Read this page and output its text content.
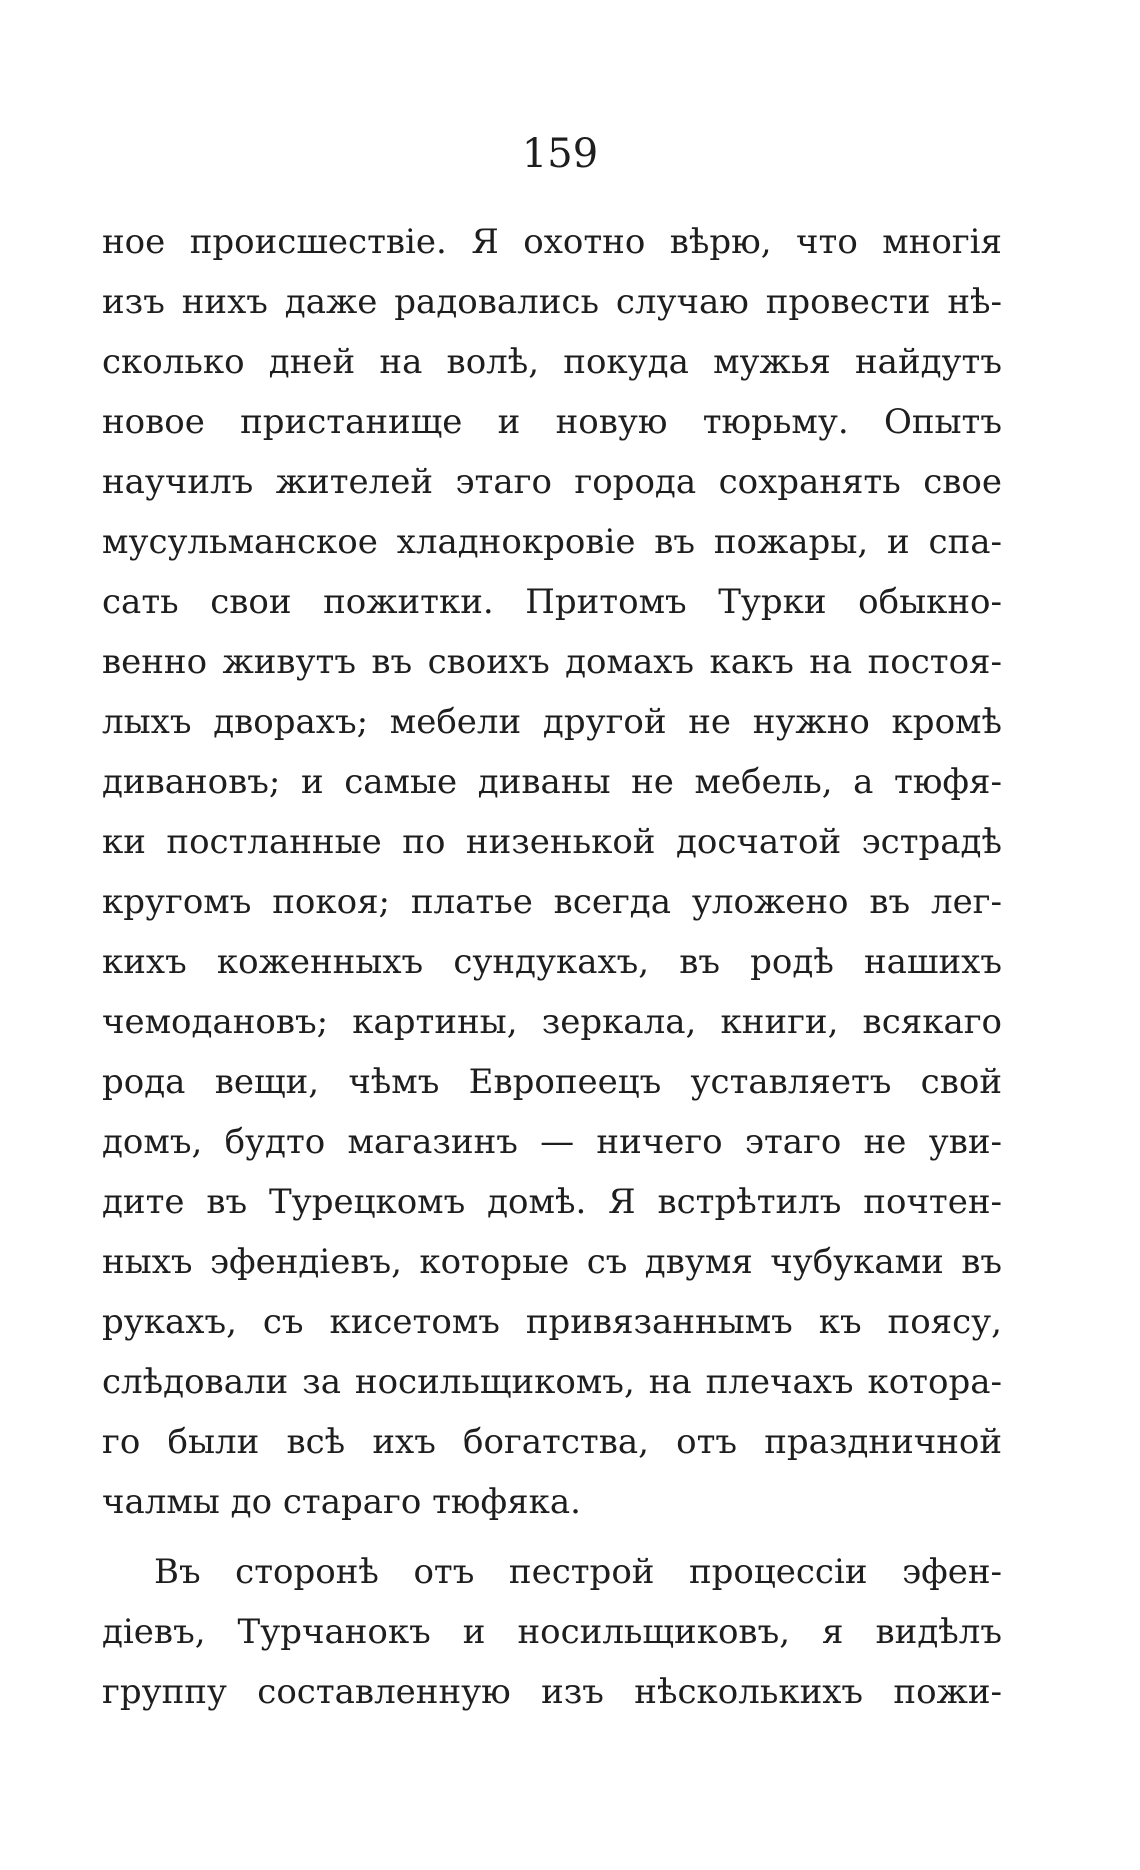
159
ное происшествіе. Я охотно вѣрю, что многія
изъ нихъ даже радовались случаю провести нѣ-
сколько дней на волѣ, покуда мужья найдутъ
новое пристанище и новую тюрьму. Опытъ
научилъ жителей этаго города сохранять свое
мусульманское хладнокровіе въ пожары, и спа-
сать свои пожитки. Притомъ Турки обыкно-
венно живутъ въ своихъ домахъ какъ на постоя-
лыхъ дворахъ; мебели другой не нужно кромѣ
дивановъ; и самые диваны не мебель, а тюфя-
ки постланные по низенькой досчатой эстрадѣ
кругомъ покоя; платье всегда уложено въ лег-
кихъ коженныхъ сундукахъ, въ родѣ нашихъ
чемодановъ; картины, зеркала, книги, всякаго
рода вещи, чѣмъ Европеецъ уставляетъ свой
домъ, будто магазинъ — ничего этаго не уви-
дите въ Турецкомъ домѣ. Я встрѣтилъ почтен-
ныхъ эфендіевъ, которые съ двумя чубуками въ
рукахъ, съ кисетомъ привязаннымъ къ поясу,
слѣдовали за носильщикомъ, на плечахъ котора-
го были всѣ ихъ богатства, отъ праздничной
чалмы до стараго тюфяка.
Въ сторонѣ отъ пестрой процессіи эфен-
діевъ, Турчанокъ и носильщиковъ, я видѣлъ
группу составленную изъ нѣсколькихъ пожи-
